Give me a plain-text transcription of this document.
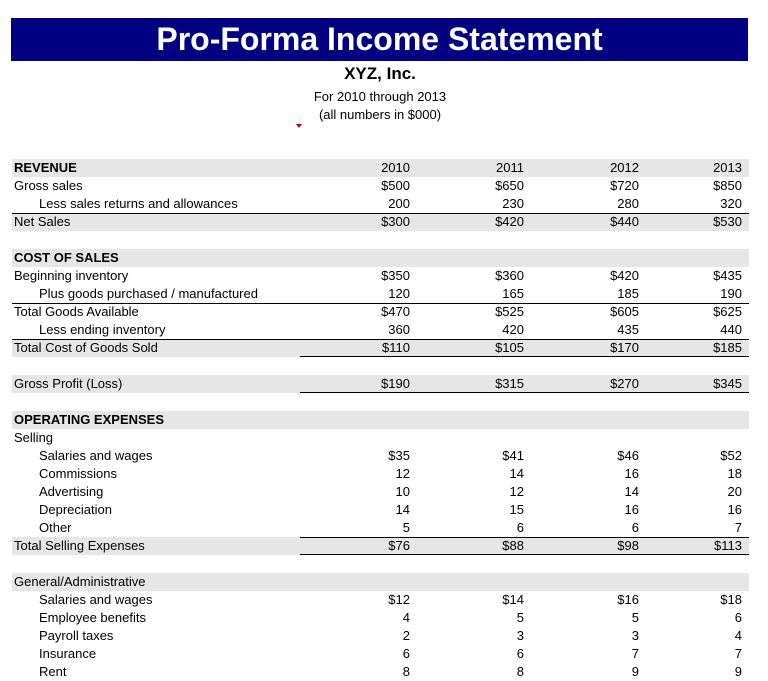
Pro-Forma Income Statement
XYZ, Inc.
For 2010 through 2013
(all numbers in $000)
REVENUE	2010	2011	2012	2013
Gross sales	$500	$650	$720	$850
Less sales returns and allowances	200	230	280	320
Net Sales	$300	$420	$440	$530
COST OF SALES
Beginning inventory	$350	$360	$420	$435
Plus goods purchased / manufactured	120	165	185	190
Total Goods Available	$470	$525	$605	$625
Less ending inventory	360	420	435	440
Total Cost of Goods Sold	$110	$105	$170	$185
Gross Profit (Loss)	$190	$315	$270	$345
OPERATING EXPENSES
Selling
Salaries and wages	$35	$41	$46	$52
Commissions	12	14	16	18
Advertising	10	12	14	20
Depreciation	14	15	16	16
Other	5	6	6	7
Total Selling Expenses	$76	$88	$98	$113
General/Administrative
Salaries and wages	$12	$14	$16	$18
Employee benefits	4	5	5	6
Payroll taxes	2	3	3	4
Insurance	6	6	7	7
Rent	8	8	9	9
